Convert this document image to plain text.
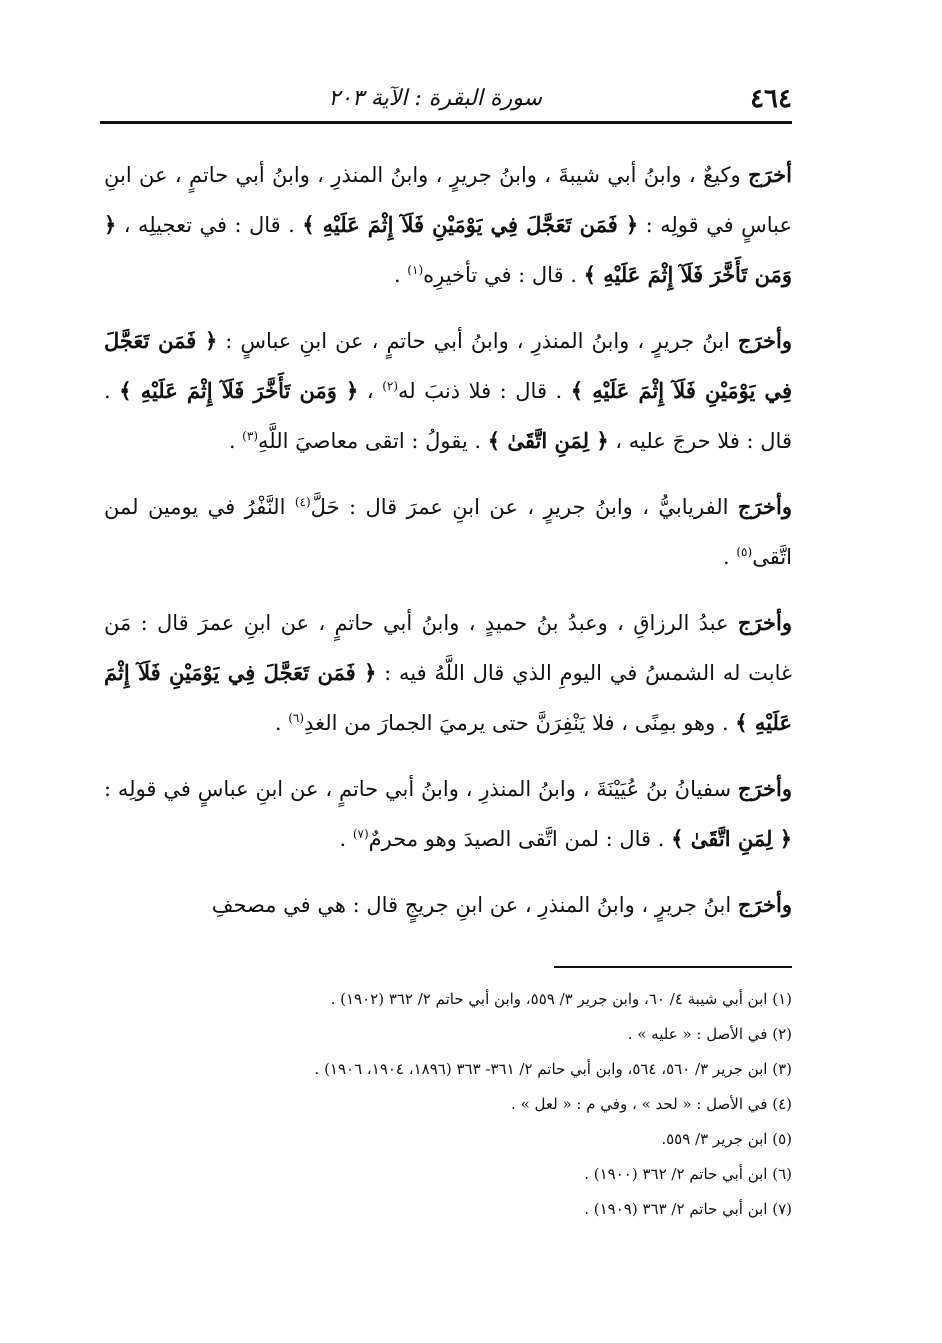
٤٦٤
سورة البقرة : الآية ٢٠٣

أخرَج وكيعٌ ، وابنُ أبي شيبةَ ، وابنُ جريرٍ ، وابنُ المنذرِ ، وابنُ أبي حاتمٍ ، عن ابنِ عباسٍ في قولِه : ﴿ فَمَن تَعَجَّلَ فِي يَوْمَيْنِ فَلَآ إِثْمَ عَلَيْهِ ﴾ . قال : في تعجيلِه ، ﴿ وَمَن تَأَخَّرَ فَلَآ إِثْمَ عَلَيْهِ ﴾ . قال : في تأخيرِه$^{(١)}$ .

وأخرَج ابنُ جريرٍ ، وابنُ المنذرِ ، وابنُ أبي حاتمٍ ، عن ابنِ عباسٍ : ﴿ فَمَن تَعَجَّلَ فِي يَوْمَيْنِ فَلَآ إِثْمَ عَلَيْهِ ﴾ . قال : فلا ذنبَ له$^{(٢)}$ ، ﴿ وَمَن تَأَخَّرَ فَلَآ إِثْمَ عَلَيْهِ ﴾ . قال : فلا حرجَ عليه ، ﴿ لِمَنِ اتَّقَىٰ ﴾ . يقولُ : اتقى معاصيَ اللَّهِ$^{(٣)}$ .

وأخرَج الفريابيُّ ، وابنُ جريرٍ ، عن ابنِ عمرَ قال : حَلَّ$^{(٤)}$ النَّفْرُ في يومين لمن اتَّقى$^{(٥)}$ .

وأخرَج عبدُ الرزاقِ ، وعبدُ بنُ حميدٍ ، وابنُ أبي حاتمٍ ، عن ابنِ عمرَ قال : مَن غابت له الشمسُ في اليومِ الذي قال اللَّهُ فيه : ﴿ فَمَن تَعَجَّلَ فِي يَوْمَيْنِ فَلَآ إِثْمَ عَلَيْهِ ﴾ . وهو بمِنًى ، فلا يَنْفِرَنَّ حتى يرميَ الجمارَ من الغدِ$^{(٦)}$ .

وأخرَج سفيانُ بنُ عُيَيْنَةَ ، وابنُ المنذرِ ، وابنُ أبي حاتمٍ ، عن ابنِ عباسٍ في قولِه : ﴿ لِمَنِ اتَّقَىٰ ﴾ . قال : لمن اتَّقى الصيدَ وهو محرمٌ$^{(٧)}$ .

وأخرَج ابنُ جريرٍ ، وابنُ المنذرِ ، عن ابنِ جريجٍ قال : هي في مصحفِ

(١) ابن أبي شيبة ٤/ ٦٠، وابن جرير ٣/ ٥٥٩، وابن أبي حاتم ٢/ ٣٦٢ (١٩٠٢) .
(٢) في الأصل : « عليه » .
(٣) ابن جرير ٣/ ٥٦٠، ٥٦٤، وابن أبي حاتم ٢/ ٣٦١- ٣٦٣ (١٨٩٦، ١٩٠٤، ١٩٠٦) .
(٤) في الأصل : « لحد » ، وفي م : « لعل » .
(٥) ابن جرير ٣/ ٥٥٩.
(٦) ابن أبي حاتم ٢/ ٣٦٢ (١٩٠٠) .
(٧) ابن أبي حاتم ٢/ ٣٦٣ (١٩٠٩) .
